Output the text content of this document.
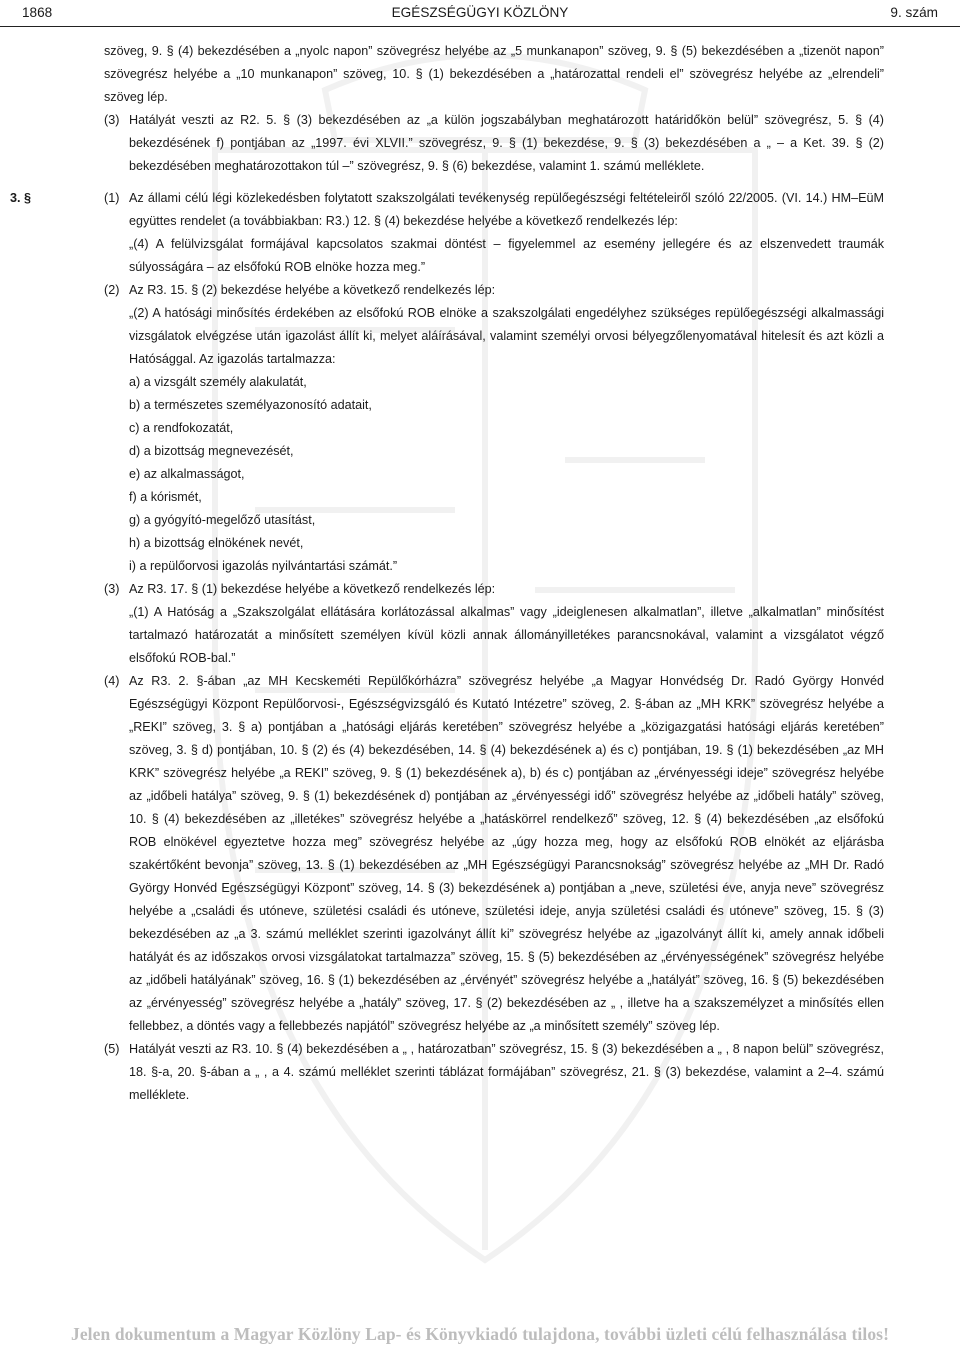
1868	EGÉSZSÉGÜGYI KÖZLÖNY	9. szám

szöveg, 9. § (4) bekezdésében a „nyolc napon” szövegrész helyébe az „5 munkanapon” szöveg, 9. § (5) bekezdésében a „tizenöt napon” szövegrész helyébe a „10 munkanapon” szöveg, 10. § (1) bekezdésében a „határozattal rendeli el” szövegrész helyébe az „elrendeli” szöveg lép.

(3) Hatályát veszti az R2. 5. § (3) bekezdésében az „a külön jogszabályban meghatározott határidőkön belül” szövegrész, 5. § (4) bekezdésének f) pontjában az „1997. évi XLVII.” szövegrész, 9. § (1) bekezdése, 9. § (3) bekezdésében a „ – a Ket. 39. § (2) bekezdésében meghatározottakon túl –” szövegrész, 9. § (6) bekezdése, valamint 1. számú melléklete.

3. §	(1) Az állami célú légi közlekedésben folytatott szakszolgálati tevékenység repülőegészségi feltételeiről szóló 22/2005. (VI. 14.) HM–EüM együttes rendelet (a továbbiakban: R3.) 12. § (4) bekezdése helyébe a következő rendelkezés lép:

„(4) A felülvizsgálat formájával kapcsolatos szakmai döntést – figyelemmel az esemény jellegére és az elszenvedett traumák súlyosságára – az elsőfokú ROB elnöke hozza meg.”

(2) Az R3. 15. § (2) bekezdése helyébe a következő rendelkezés lép:

„(2) A hatósági minősítés érdekében az elsőfokú ROB elnöke a szakszolgálati engedélyhez szükséges repülőegészségi alkalmassági vizsgálatok elvégzése után igazolást állít ki, melyet aláírásával, valamint személyi orvosi bélyegzőlenyomatával hitelesít és azt közli a Hatósággal. Az igazolás tartalmazza:

a) a vizsgált személy alakulatát,

b) a természetes személyazonosító adatait,

c) a rendfokozatát,

d) a bizottság megnevezését,

e) az alkalmasságot,

f) a kórismét,

g) a gyógyító-megelőző utasítást,

h) a bizottság elnökének nevét,

i) a repülőorvosi igazolás nyilvántartási számát.”

(3) Az R3. 17. § (1) bekezdése helyébe a következő rendelkezés lép:

„(1) A Hatóság a „Szakszolgálat ellátására korlátozással alkalmas” vagy „ideiglenesen alkalmatlan”, illetve „alkalmatlan” minősítést tartalmazó határozatát a minősített személyen kívül közli annak állományilletékes parancsnokával, valamint a vizsgálatot végző elsőfokú ROB-bal.”

(4) Az R3. 2. §-ában „az MH Kecskeméti Repülőkórházra” szövegrész helyébe „a Magyar Honvédség Dr. Radó György Honvéd Egészségügyi Központ Repülőorvosi-, Egészségvizsgáló és Kutató Intézetre” szöveg, 2. §-ában az „MH KRK” szövegrész helyébe a „REKI” szöveg, 3. § a) pontjában a „hatósági eljárás keretében” szövegrész helyébe a „közigazgatási hatósági eljárás keretében” szöveg, 3. § d) pontjában, 10. § (2) és (4) bekezdésében, 14. § (4) bekezdésének a) és c) pontjában, 19. § (1) bekezdésében „az MH KRK” szövegrész helyébe „a REKI” szöveg, 9. § (1) bekezdésének a), b) és c) pontjában az „érvényességi ideje” szövegrész helyébe az „időbeli hatálya” szöveg, 9. § (1) bekezdésének d) pontjában az „érvényességi idő” szövegrész helyébe az „időbeli hatály” szöveg, 10. § (4) bekezdésében az „illetékes” szövegrész helyébe a „hatáskörrel rendelkező” szöveg, 12. § (4) bekezdésében „az elsőfokú ROB elnökével egyeztetve hozza meg” szövegrész helyébe az „úgy hozza meg, hogy az elsőfokú ROB elnökét az eljárásba szakértőként bevonja” szöveg, 13. § (1) bekezdésében az „MH Egészségügyi Parancsnokság” szövegrész helyébe az „MH Dr. Radó György Honvéd Egészségügyi Központ” szöveg, 14. § (3) bekezdésének a) pontjában a „neve, születési éve, anyja neve” szövegrész helyébe a „családi és utóneve, születési családi és utóneve, születési ideje, anyja születési családi és utóneve” szöveg, 15. § (3) bekezdésében az „a 3. számú melléklet szerinti igazolványt állít ki” szövegrész helyébe az „igazolványt állít ki, amely annak időbeli hatályát és az időszakos orvosi vizsgálatokat tartalmazza” szöveg, 15. § (5) bekezdésében az „érvényességének” szövegrész helyébe az „időbeli hatályának” szöveg, 16. § (1) bekezdésében az „érvényét” szövegrész helyébe a „hatályát” szöveg, 16. § (5) bekezdésében az „érvényesség” szövegrész helyébe a „hatály” szöveg, 17. § (2) bekezdésében az „ , illetve ha a szakszemélyzet a minősítés ellen fellebbez, a döntés vagy a fellebbezés napjától” szövegrész helyébe az „a minősített személy” szöveg lép.

(5) Hatályát veszti az R3. 10. § (4) bekezdésében a „ , határozatban” szövegrész, 15. § (3) bekezdésében a „ , 8 napon belül” szövegrész, 18. §-a, 20. §-ában a „ , a 4. számú melléklet szerinti táblázat formájában” szövegrész, 21. § (3) bekezdése, valamint a 2–4. számú melléklete.

Jelen dokumentum a Magyar Közlöny Lap- és Könyvkiadó tulajdona, további üzleti célú felhasználása tilos!
